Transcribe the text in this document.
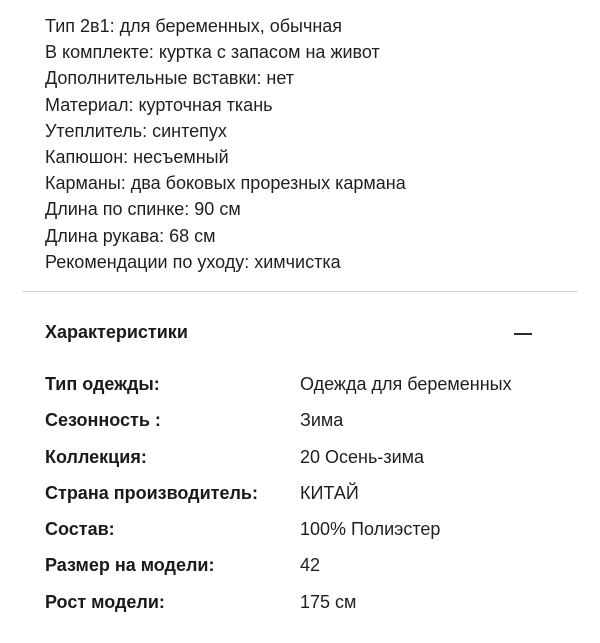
Тип 2в1: для беременных, обычная
В комплекте: куртка с запасом на живот
Дополнительные вставки: нет
Материал: курточная ткань
Утеплитель: синтепух
Капюшон: несъемный
Карманы: два боковых прорезных кармана
Длина по спинке: 90 см
Длина рукава: 68 см
Рекомендации по уходу: химчистка
Характеристики
Тип одежды:	Одежда для беременных
Сезонность :	Зима
Коллекция:	20 Осень-зима
Страна производитель: КИТАЙ
Состав:	100% Полиэстер
Размер на модели:	42
Рост модели:	175 см
